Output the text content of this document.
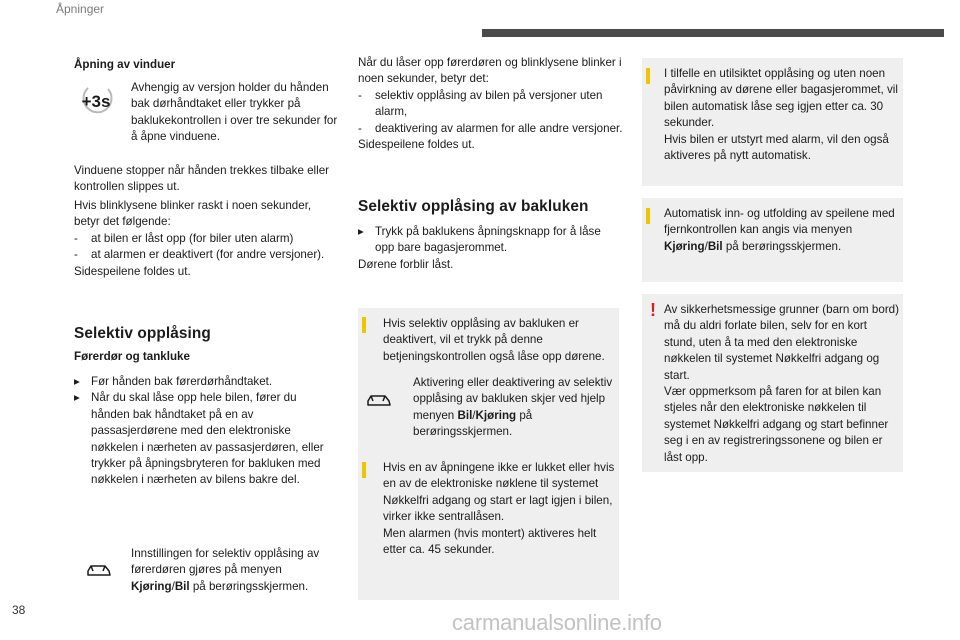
Åpninger
Åpning av vinduer
+3s
Avhengig av versjon holder du hånden bak dørhåndtaket eller trykker på baklukekontrollen i over tre sekunder for å åpne vinduene.
Vinduene stopper når hånden trekkes tilbake eller kontrollen slippes ut.
Hvis blinklysene blinker raskt i noen sekunder, betyr det følgende:
-	at bilen er låst opp (for biler uten alarm)
-	at alarmen er deaktivert (for andre versjoner).
Sidespeilene foldes ut.
Selektiv opplåsing
Førerdør og tankluke
▸ Før hånden bak førerdørhåndtaket.
▸ Når du skal låse opp hele bilen, fører du hånden bak håndtaket på en av passasjerdørene med den elektroniske nøkkelen i nærheten av passasjerdøren, eller trykker på åpningsbryteren for bakluken med nøkkelen i nærheten av bilens bakre del.
Innstillingen for selektiv opplåsing av førerdøren gjøres på menyen Kjøring/Bil på berøringsskjermen.
Når du låser opp førerdøren og blinklysene blinker i noen sekunder, betyr det:
-	selektiv opplåsing av bilen på versjoner uten alarm,
-	deaktivering av alarmen for alle andre versjoner.
Sidespeilene foldes ut.
Selektiv opplåsing av bakluken
▸ Trykk på baklukens åpningsknapp for å låse opp bare bagasjerommet.
Dørene forblir låst.
Hvis selektiv opplåsing av bakluken er deaktivert, vil et trykk på denne betjeningskontrollen også låse opp dørene.
Aktivering eller deaktivering av selektiv opplåsing av bakluken skjer ved hjelp menyen Bil/Kjøring på berøringsskjermen.
Hvis en av åpningene ikke er lukket eller hvis en av de elektroniske nøklene til systemet Nøkkelfri adgang og start er lagt igjen i bilen, virker ikke sentrallåsen.
Men alarmen (hvis montert) aktiveres helt etter ca. 45 sekunder.
I tilfelle en utilsiktet opplåsing og uten noen påvirkning av dørene eller bagasjerommet, vil bilen automatisk låse seg igjen etter ca. 30 sekunder.
Hvis bilen er utstyrt med alarm, vil den også aktiveres på nytt automatisk.
Automatisk inn- og utfolding av speilene med fjernkontrollen kan angis via menyen Kjøring/Bil på berøringsskjermen.
! Av sikkerhetsmessige grunner (barn om bord) må du aldri forlate bilen, selv for en kort stund, uten å ta med den elektroniske nøkkelen til systemet Nøkkelfri adgang og start.
Vær oppmerksom på faren for at bilen kan stjeles når den elektroniske nøkkelen til systemet Nøkkelfri adgang og start befinner seg i en av registreringssonene og bilen er låst opp.
38	carmanualsonline.info
